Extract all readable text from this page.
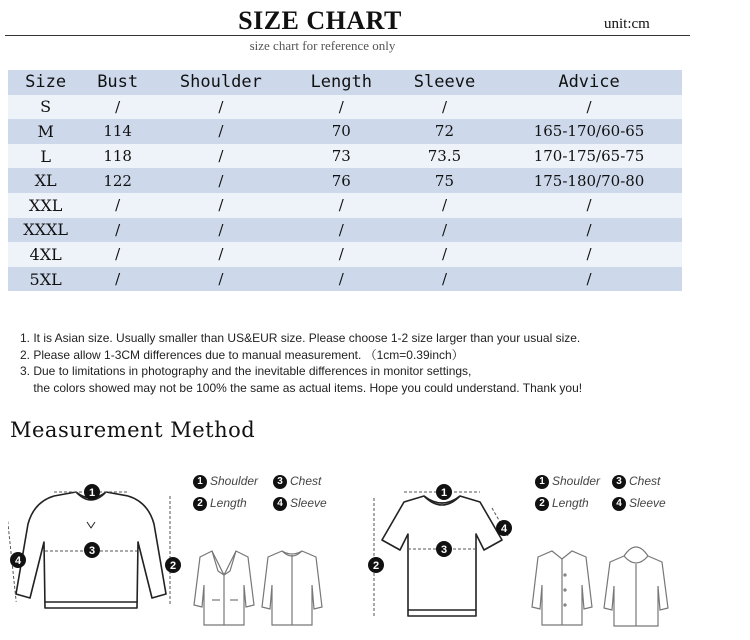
SIZE CHART	unit:cm
size chart for reference only
Size	Bust	Shoulder	Length	Sleeve	Advice
S	/	/	/	/	/
M	114	/	70	72	165-170/60-65
L	118	/	73	73.5	170-175/65-75
XL	122	/	76	75	175-180/70-80
XXL	/	/	/	/	/
XXXL	/	/	/	/	/
4XL	/	/	/	/	/
5XL	/	/	/	/	/
1. It is Asian size. Usually smaller than US&EUR size. Please choose 1-2 size larger than your usual size.
2. Please allow 1-3CM differences due to manual measurement. （1cm=0.39inch）
3. Due to limitations in photography and the inevitable differences in monitor settings,
the colors showed may not be 100% the same as actual items. Hope you could understand. Thank you!
Measurement Method
1
3
2
4
1 Shoulder	3 Chest
2 Length	4 Sleeve
1
3
2
4
1 Shoulder	3 Chest
2 Length	4 Sleeve
